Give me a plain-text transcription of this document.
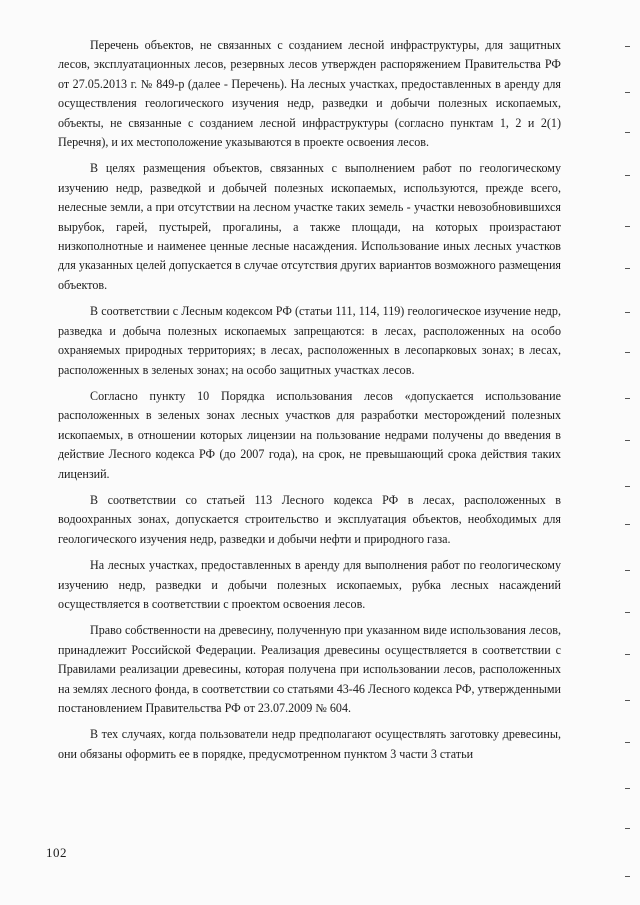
Перечень объектов, не связанных с созданием лесной инфраструктуры, для защитных лесов, эксплуатационных лесов, резервных лесов утвержден распоряжением Правительства РФ от 27.05.2013 г. № 849-р (далее - Перечень). На лесных участках, предоставленных в аренду для осуществления геологического изучения недр, разведки и добычи полезных ископаемых, объекты, не связанные с созданием лесной инфраструктуры (согласно пунктам 1, 2 и 2(1) Перечня), и их местоположение указываются в проекте освоения лесов.

В целях размещения объектов, связанных с выполнением работ по геологическому изучению недр, разведкой и добычей полезных ископаемых, используются, прежде всего, нелесные земли, а при отсутствии на лесном участке таких земель - участки невозобновившихся вырубок, гарей, пустырей, прогалины, а также площади, на которых произрастают низкополнотные и наименее ценные лесные насаждения. Использование иных лесных участков для указанных целей допускается в случае отсутствия других вариантов возможного размещения объектов.

В соответствии с Лесным кодексом РФ (статьи 111, 114, 119) геологическое изучение недр, разведка и добыча полезных ископаемых запрещаются: в лесах, расположенных на особо охраняемых природных территориях; в лесах, расположенных в лесопарковых зонах; в лесах, расположенных в зеленых зонах; на особо защитных участках лесов.

Согласно пункту 10 Порядка использования лесов «допускается использование расположенных в зеленых зонах лесных участков для разработки месторождений полезных ископаемых, в отношении которых лицензии на пользование недрами получены до введения в действие Лесного кодекса РФ (до 2007 года), на срок, не превышающий срока действия таких лицензий.

В соответствии со статьей 113 Лесного кодекса РФ в лесах, расположенных в водоохранных зонах, допускается строительство и эксплуатация объектов, необходимых для геологического изучения недр, разведки и добычи нефти и природного газа.

На лесных участках, предоставленных в аренду для выполнения работ по геологическому изучению недр, разведки и добычи полезных ископаемых, рубка лесных насаждений осуществляется в соответствии с проектом освоения лесов.

Право собственности на древесину, полученную при указанном виде использования лесов, принадлежит Российской Федерации. Реализация древесины осуществляется в соответствии с Правилами реализации древесины, которая получена при использовании лесов, расположенных на землях лесного фонда, в соответствии со статьями 43-46 Лесного кодекса РФ, утвержденными постановлением Правительства РФ от 23.07.2009 № 604.

В тех случаях, когда пользователи недр предполагают осуществлять заготовку древесины, они обязаны оформить ее в порядке, предусмотренном пунктом 3 части 3 статьи

102
